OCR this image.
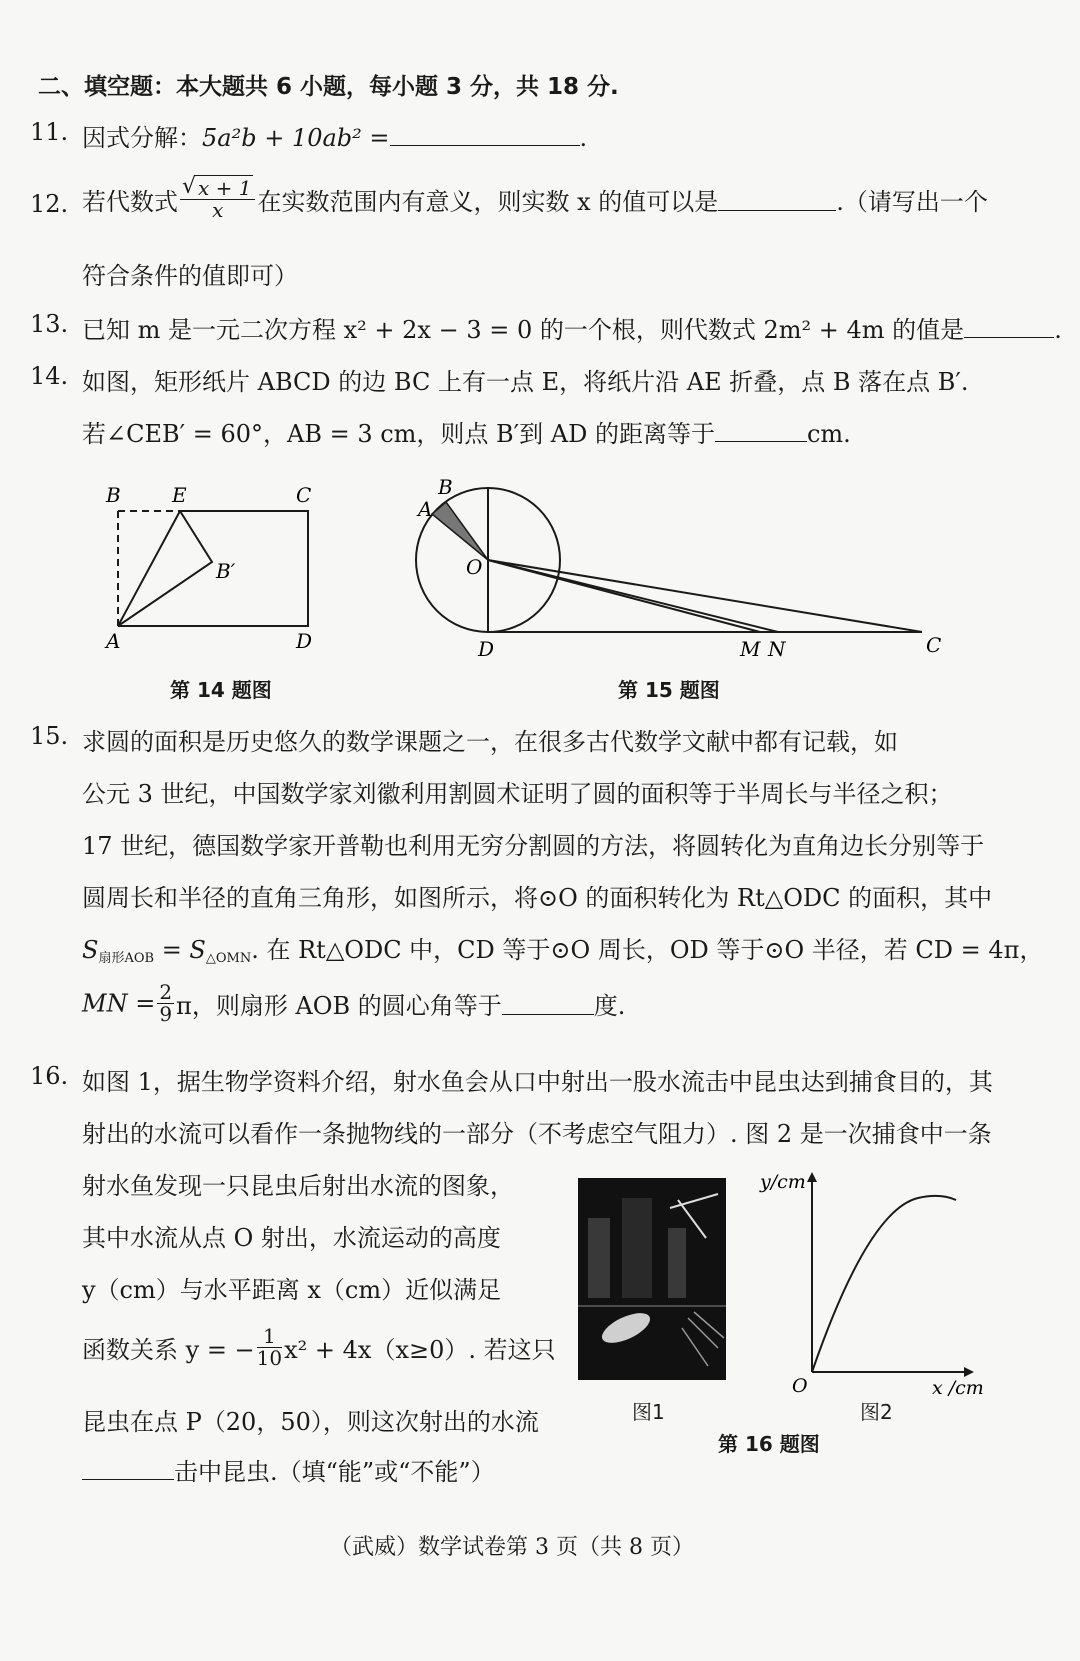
二、填空题：本大题共 6 小题，每小题 3 分，共 18 分.
11. 因式分解：5a²b + 10ab² =	.
12. 若代数式
√ $\frac{x + 1}{x}$ 在实数范围内有意义，则实数 x 的值可以是	.（请写出一个
符合条件的值即可）
13. 已知 m 是一元二次方程 x² + 2x − 3 = 0 的一个根，则代数式 2m² + 4m 的值是	.
14. 如图，矩形纸片 ABCD 的边 BC 上有一点 E，将纸片沿 AE 折叠，点 B 落在点 B′.
若∠CEB′ = 60°，AB = 3 cm，则点 B′到 AD 的距离等于	cm.
B	E	C
B′
A	D
第 14 题图
A
B
O
D	M N	C
第 15 题图
15. 求圆的面积是历史悠久的数学课题之一，在很多古代数学文献中都有记载，如
公元 3 世纪，中国数学家刘徽利用割圆术证明了圆的面积等于半周长与半径之积；
17 世纪，德国数学家开普勒也利用无穷分割圆的方法，将圆转化为直角边长分别等于
圆周长和半径的直角三角形，如图所示，将⊙O 的面积转化为 Rt△ODC 的面积，其中
$S_{扇形AOB} = S_{\triangle OMN}$. 在 Rt△ODC 中，CD 等于⊙O 周长，OD 等于⊙O 半径，若 CD = 4π，
MN = $\frac{2}{9}$ π，则扇形 AOB 的圆心角等于	度.
16. 如图 1，据生物学资料介绍，射水鱼会从口中射出一股水流击中昆虫达到捕食目的，其
射出的水流可以看作一条抛物线的一部分（不考虑空气阻力）. 图 2 是一次捕食中一条
射水鱼发现一只昆虫后射出水流的图象，
其中水流从点 O 射出，水流运动的高度
y（cm）与水平距离 x（cm）近似满足
函数关系 y = − $\frac{1}{10} x^2 + 4x(x\ge 0)$. 若这只
昆虫在点 P（20，50），则这次射出的水流
击中昆虫.（填“能”或“不能”）
图1
y/cm
O	x /cm
图2
第 16 题图
（武威）数学试卷第 3 页（共 8 页）
